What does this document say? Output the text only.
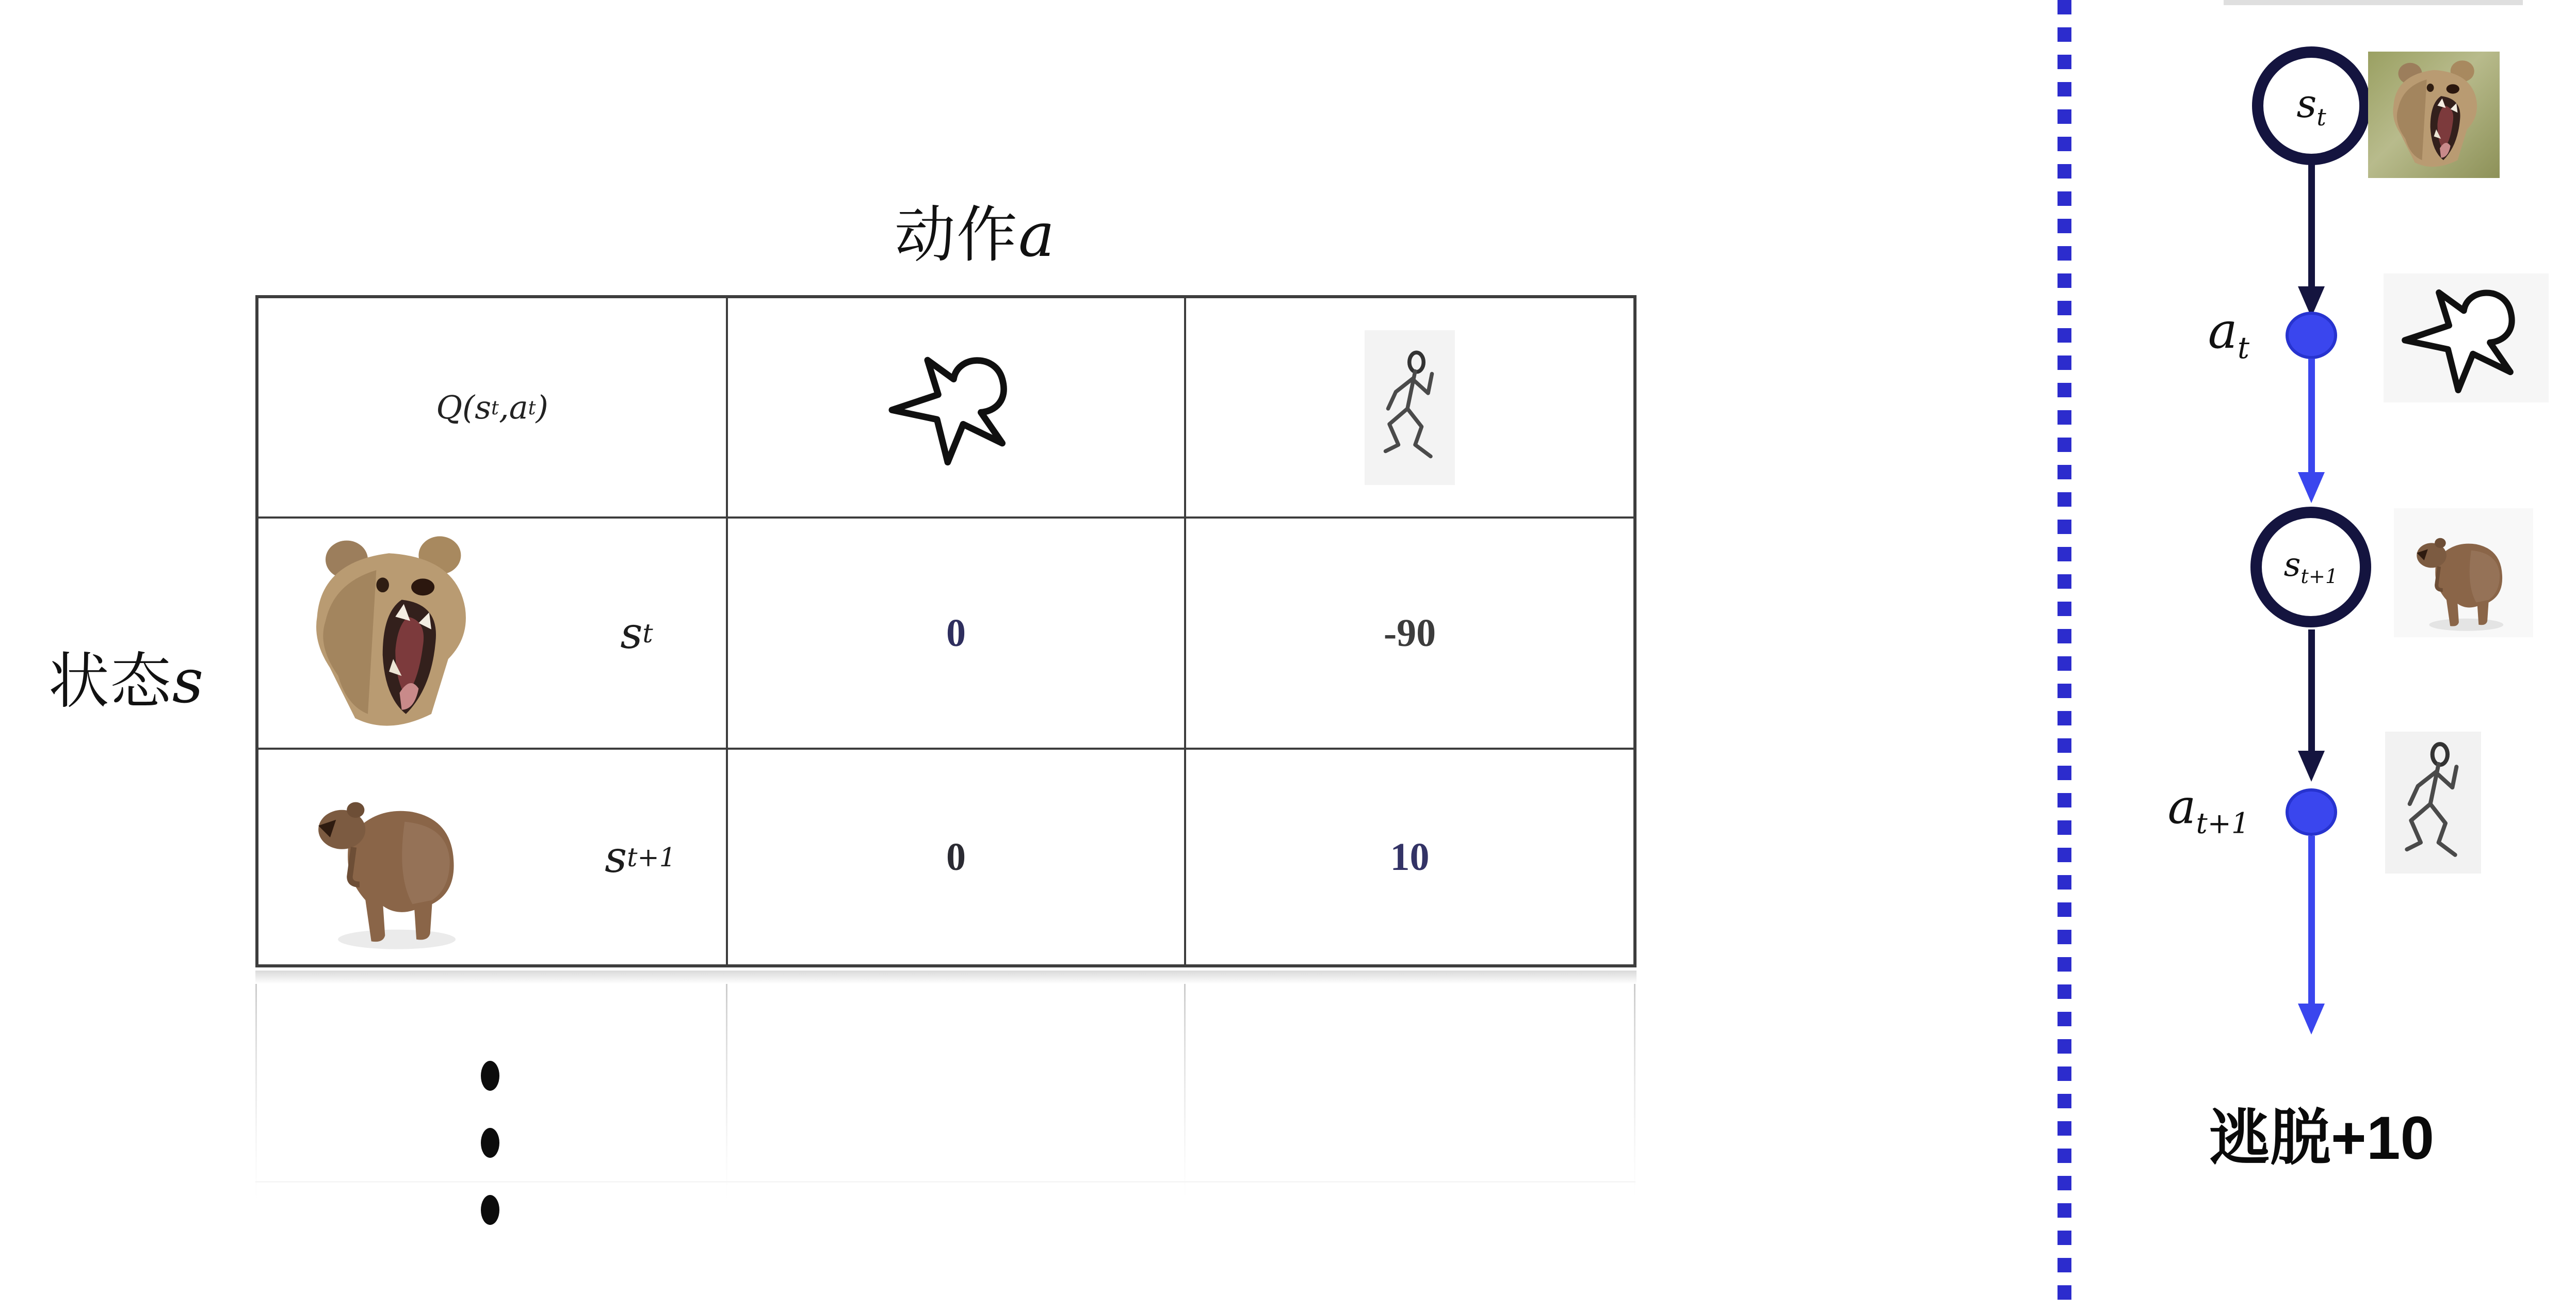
动作a
状态s
Q(s t ,a t )
s t	0	-90
s t+1	0	10
$s_t$
$a_t$
$s_{t+1}$
$a_{t+1}$
逃脱+10
